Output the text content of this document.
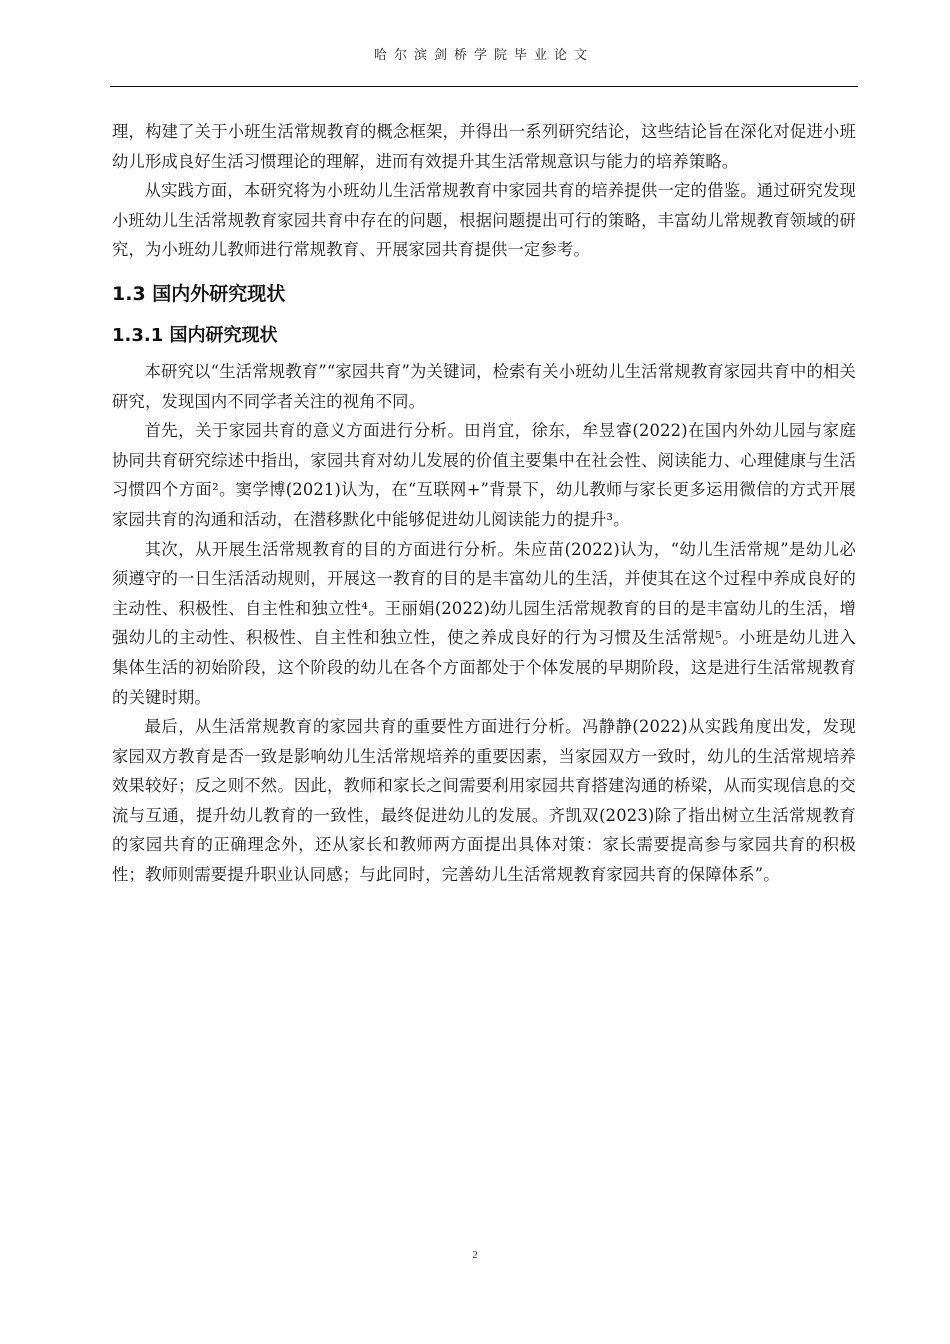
哈尔滨剑桥学院毕业论文

理，构建了关于小班生活常规教育的概念框架，并得出一系列研究结论，这些结论旨在深化对促进小班幼儿形成良好生活习惯理论的理解，进而有效提升其生活常规意识与能力的培养策略。

从实践方面，本研究将为小班幼儿生活常规教育中家园共育的培养提供一定的借鉴。通过研究发现小班幼儿生活常规教育家园共育中存在的问题，根据问题提出可行的策略，丰富幼儿常规教育领域的研究，为小班幼儿教师进行常规教育、开展家园共育提供一定参考。

1.3 国内外研究现状
1.3.1 国内研究现状

本研究以“生活常规教育”“家园共育”为关键词，检索有关小班幼儿生活常规教育家园共育中的相关研究，发现国内不同学者关注的视角不同。

首先，关于家园共育的意义方面进行分析。田肖宜，徐东，牟昱睿(2022)在国内外幼儿园与家庭协同共育研究综述中指出，家园共育对幼儿发展的价值主要集中在社会性、阅读能力、心理健康与生活习惯四个方面²。窦学博(2021)认为，在“互联网+”背景下，幼儿教师与家长更多运用微信的方式开展家园共育的沟通和活动，在潜移默化中能够促进幼儿阅读能力的提升³。

其次，从开展生活常规教育的目的方面进行分析。朱应苗(2022)认为，“幼儿生活常规”是幼儿必须遵守的一日生活活动规则，开展这一教育的目的是丰富幼儿的生活，并使其在这个过程中养成良好的主动性、积极性、自主性和独立性⁴。王丽娟(2022)幼儿园生活常规教育的目的是丰富幼儿的生活，增强幼儿的主动性、积极性、自主性和独立性，使之养成良好的行为习惯及生活常规⁵。小班是幼儿进入集体生活的初始阶段，这个阶段的幼儿在各个方面都处于个体发展的早期阶段，这是进行生活常规教育的关键时期。

最后，从生活常规教育的家园共育的重要性方面进行分析。冯静静(2022)从实践角度出发，发现家园双方教育是否一致是影响幼儿生活常规培养的重要因素，当家园双方一致时，幼儿的生活常规培养效果较好；反之则不然。因此，教师和家长之间需要利用家园共育搭建沟通的桥梁，从而实现信息的交流与互通，提升幼儿教育的一致性，最终促进幼儿的发展。齐凯双(2023)除了指出树立生活常规教育的家园共育的正确理念外，还从家长和教师两方面提出具体对策：家长需要提高参与家园共育的积极性；教师则需要提升职业认同感；与此同时，完善幼儿生活常规教育家园共育的保障体系”。

2
